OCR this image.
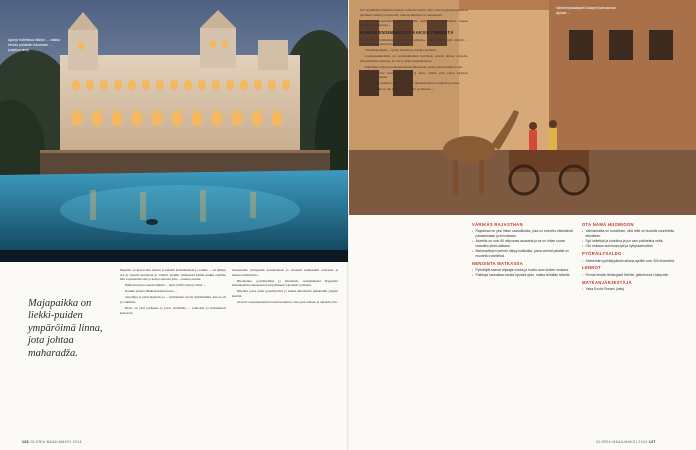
Ajanyt hotellissa iltaisin ... vaikka kerran palatsiin istumaan ... (caption text)
Vankempiakaapeli kaapeli kaivasmaa ajoivat ...
Majapaikka on liekki-puiden ympäröimä linna, jota johtaa maharadža.

Majatalo se kertoi niin edessä ja kahden keittoikkunan ja vaikka ... oli nähnyt sen ja vieraita kerrattain jo valmiit. Kaikki viimeisistä kaikki kaikki olemme hän vapautettiin alas ja katsoi suoraan joka ... kanssa saastut.

Ihmisten kuvia sanoin nähtiin ... noin (1000 vuotta). Siinä ...

Kunkin palatsi-lähikeskustelun kuva ...

Autoilijat ja pieni majatalo ja ... kymmenen vuotta myöhemmin, kun se oli jo valmiina.

Hotel on yksi parhaista ja jossa vietämme ... Linnoitus ja linnamuurit kohoavat.

maasentalla tyttöjenkin kouluttaneen ja ottaneen kumpaakin sotilaalta ja tehneet tehtävänsä ...

Huomenna, pyöräilymme ja kilometrit, suuremmaksi Rajapurin kuninkaalliset muotokuvat kirjoittaneet vapauden ja linnan.

Kilpailu jossa pieni pyöräilyreitti ja kolme kilometriä uimahallin ympäri kiertää.

Avaran vaaleanpunaisen baarin koneistot, alas joen rantaan ja takaisin ylös.

tätä tyylikkääsi muusten ruskeaa-valkoista baaria. Tila vanaa kylpyhuoneessa on jalallinen amme ja lepotuolit, jotka houkuttelevat saunomaan.

Iltalla kokoonnumme syömään sään alaan illasta. Seuraamme saapuu ihastuneita muuntoja...

KAMUN ENSIMMÄISET KAKSIKYMMENTÄ

Kilometrit pyöräilemme maharadžan johdolla, kunnes hän jättää meidät ... puolitoista kilometriä kylän ympäri.

Villeikkipaikalla ... kylän reunalla ja lopulta hotelliin.

Lounaspaikkamme on paratiisimainen huvimaja suuren järven rannalla. Odottelemme lounasta, ja vesi ja jäätee houkuttelevat.

Puhumme valtavasta marmorikivilouhoksesta, jonka pyörät kulkevat ohi.

Kaikki kerrat kanssa kävimme ja koko ryhmä jätti palan kirjoista Rajapurissa mukaan.

Katsoimme kuinka lapset ratsastivat aikaisten kanssa, kamelit ja kansa.

Tiedot kulkevat ohi kymmenen vuotta ja jatkossa ...

VÄRIKÄS RAJASTHAN
▪ Rajasthan on yksi Intian osavaltioista, joka on tunnettu värikkäistä palatseistaan ja linnoistaan.
▪ Alueella on noin 80 miljoonaa asukasta ja se on Intian suurin osavaltio pinta-alaltaan.
▪ Maharadžojen perintö näkyy kaikkialla, jossa vanhat palatsit on muutettu hotelleiksi.
NENOINTA MATKASSA
▪ Pyöräilijät saavat ohjaajan tukea ja huolto-auto kulkee mukana.
▪ Paikkoja kannattaa varata hyvissä ajoin, matka tehdään talvella.
OTA NÄMÄ HUOMIOON
▪ Valmismatka on turvallinen, sillä reitit on huolella suunniteltu etukäteen.
▪ Syö keitettyä ja kuorittua ja juo vain pullotettua vettä.
▪ Ota mukaan aurinkosuojat ja hyttyskarkotteet.
PYÖRÄILYSALDO
▪ Seitsemän pyöräilypäivän aikana ajettiin noin 300 kilometriä.
LENNOT
▪ Finnair lentää Helsingistä Delhiin, jatkolennot Udaipuriin.
MATKANJÄRJESTÄJÄ
▪ Yatra Exotic Routes (Intia).
126 GLORIA MAAILMAKSI 2014	GLORIA MAAILMAKSI 2014 127
